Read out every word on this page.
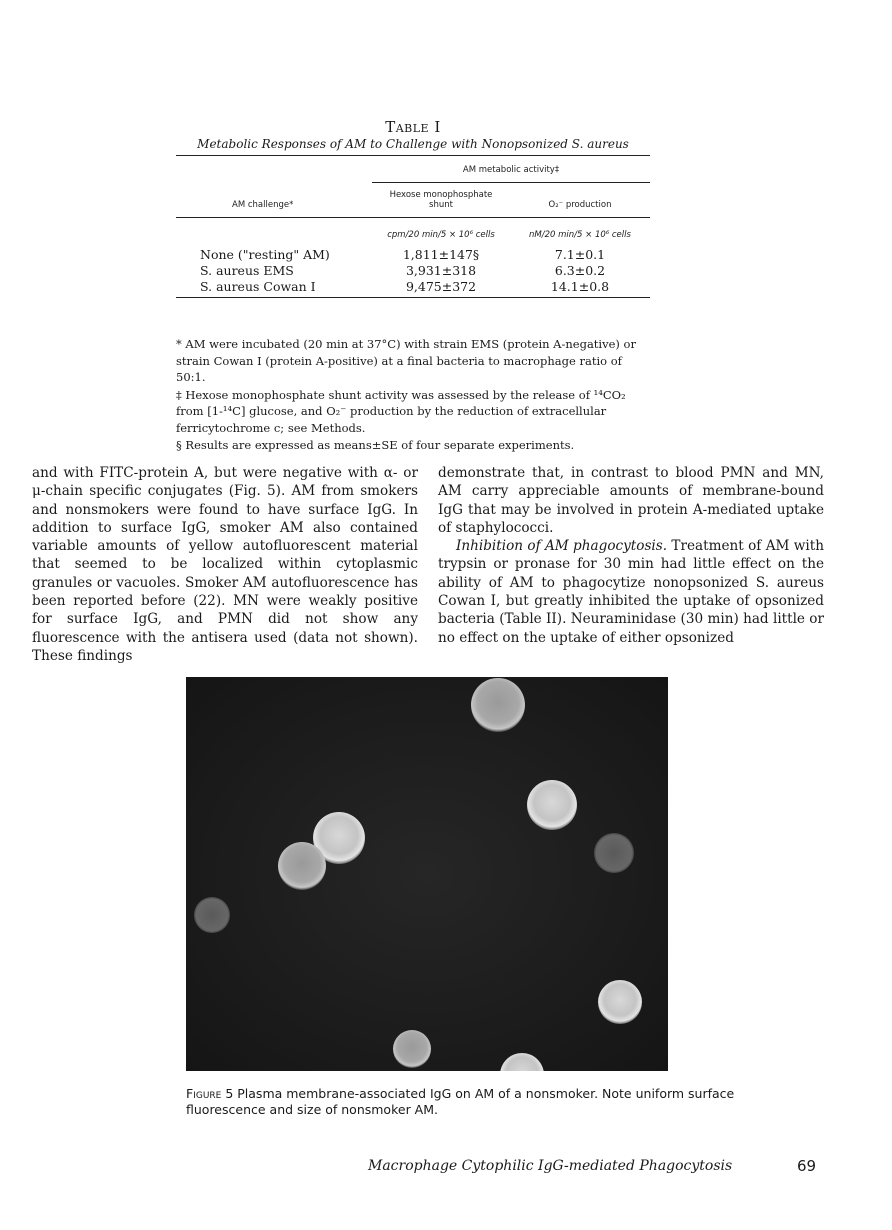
Table I
Metabolic Responses of AM to Challenge with Nonopsonized S. aureus
	AM metabolic activity‡	
AM challenge*	Hexose monophosphate shunt	O₂⁻ production
	cpm/20 min/5 × 10⁶ cells	nM/20 min/5 × 10⁶ cells
None ("resting" AM)	1,811±147§	7.1±0.1
S. aureus EMS	3,931±318	6.3±0.2
S. aureus Cowan I	9,475±372	14.1±0.8

* AM were incubated (20 min at 37°C) with strain EMS (protein A-negative) or strain Cowan I (protein A-positive) at a final bacteria to macrophage ratio of 50:1.

‡ Hexose monophosphate shunt activity was assessed by the release of ¹⁴CO₂ from [1-¹⁴C] glucose, and O₂⁻ production by the reduction of extracellular ferricytochrome c; see Methods.

§ Results are expressed as means±SE of four separate experiments.

and with FITC-protein A, but were negative with α- or μ-chain specific conjugates (Fig. 5). AM from smokers and nonsmokers were found to have surface IgG. In addition to surface IgG, smoker AM also contained variable amounts of yellow autofluorescent material that seemed to be localized within cytoplasmic granules or vacuoles. Smoker AM autofluorescence has been reported before (22). MN were weakly positive for surface IgG, and PMN did not show any fluorescence with the antisera used (data not shown). These findings

demonstrate that, in contrast to blood PMN and MN, AM carry appreciable amounts of membrane-bound IgG that may be involved in protein A-mediated uptake of staphylococci.

Inhibition of AM phagocytosis. Treatment of AM with trypsin or pronase for 30 min had little effect on the ability of AM to phagocytize nonopsonized S. aureus Cowan I, but greatly inhibited the uptake of opsonized bacteria (Table II). Neuraminidase (30 min) had little or no effect on the uptake of either opsonized

Figure 5 Plasma membrane-associated IgG on AM of a nonsmoker. Note uniform surface fluorescence and size of nonsmoker AM.
Macrophage Cytophilic IgG-mediated Phagocytosis	69
